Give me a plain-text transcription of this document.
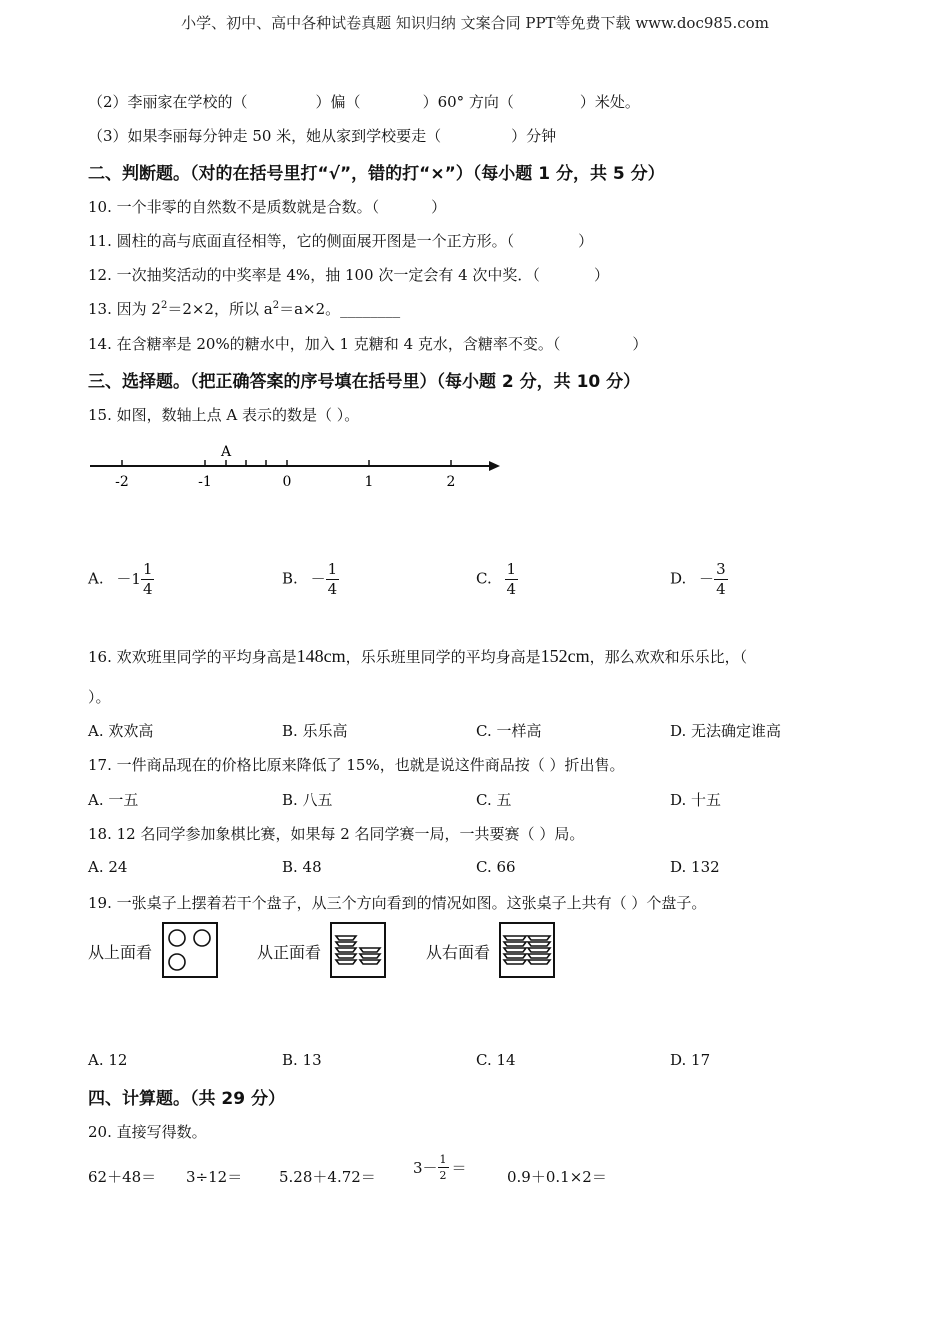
小学、初中、高中各种试卷真题 知识归纳 文案合同 PPT等免费下载 www.doc985.com
（2）李丽家在学校的（	）偏（	）60° 方向（	）米处。
（3）如果李丽每分钟走 50 米，她从家到学校要走（	）分钟
二、判断题。（对的在括号里打“√”，错的打“×”）（每小题 1 分，共 5 分）
10. 一个非零的自然数不是质数就是合数。（	）
11. 圆柱的高与底面直径相等，它的侧面展开图是一个正方形。（	）
12. 一次抽奖活动的中奖率是 4%，抽 100 次一定会有 4 次中奖．（	）
13. 因为 $2^2=2\times 2$，所以 $a^2=a\times 2$。________
14. 在含糖率是 20%的糖水中，加入 1 克糖和 4 克水，含糖率不变。（	）
三、选择题。（把正确答案的序号填在括号里）（每小题 2 分，共 10 分）
15. 如图，数轴上点 A 表示的数是（ ）。
A
-2	-1	0	1	2
A. $-1 \frac{1}{4}$	B. － $\frac{1}{4}$	C. $\frac{1}{4}$	D. － $\frac{3}{4}$
16. 欢欢班里同学的平均身高是148cm，乐乐班里同学的平均身高是152cm，那么欢欢和乐乐比，（
）。
A. 欢欢高	B. 乐乐高	C. 一样高	D. 无法确定谁高
17. 一件商品现在的价格比原来降低了 15%，也就是说这件商品按（ ）折出售。
A. 一五	B. 八五	C. 五	D. 十五
18. 12 名同学参加象棋比赛，如果每 2 名同学赛一局，一共要赛（ ）局。
A. 24	B. 48	C. 66	D. 132
19. 一张桌子上摆着若干个盘子，从三个方向看到的情况如图。这张桌子上共有（ ）个盘子。
从上面看	从正面看	从右面看
A. 12	B. 13	C. 14	D. 17
四、计算题。（共 29 分）
20. 直接写得数。
$62+48= 3\div 12= 5.28+4.72= 3- \frac{1}{2}$ ＝	0.9＋0.1×2＝
